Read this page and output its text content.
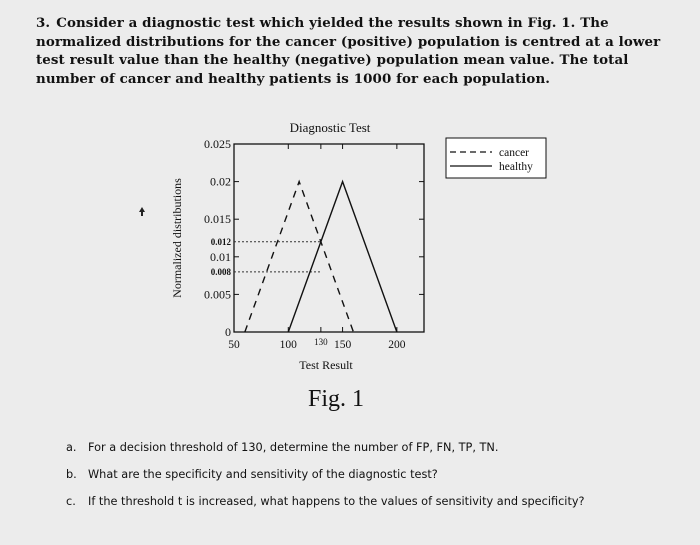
3. Consider a diagnostic test which yielded the results shown in Fig. 1. The normalized distributions for the cancer (positive) population is centred at a lower test result value than the healthy (negative) population mean value. The total number of cancer and healthy patients is 1000 for each population.
Diagnostic Test
0
0.005
0.01
0.015
0.02
0.025
50	100 130 150	200
0.012
0.008
Normalized distributions
Test Result
cancer
healthy
Fig. 1
a.	For a decision threshold of 130, determine the number of FP, FN, TP, TN.
b. What are the specificity and sensitivity of the diagnostic test?
c.	If the threshold t is increased, what happens to the values of sensitivity and specificity?
